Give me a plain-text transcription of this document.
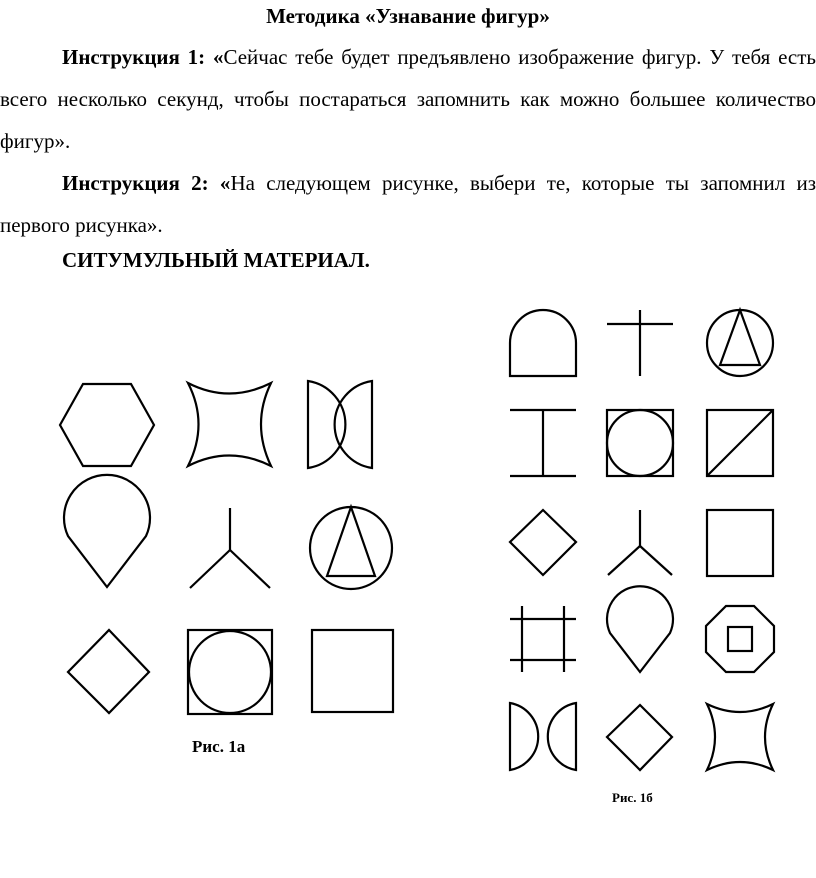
Методика «Узнавание фигур»
Инструкция 1: «Сейчас тебе будет предъявлено изображение фигур. У тебя есть всего несколько секунд, чтобы постараться запомнить как можно большее количество фигур».
Инструкция 2: «На следующем рисунке, выбери те, которые ты запомнил из первого рисунка».
СИТУМУЛЬНЫЙ МАТЕРИАЛ.
Рис. 1а
Рис. 1б
